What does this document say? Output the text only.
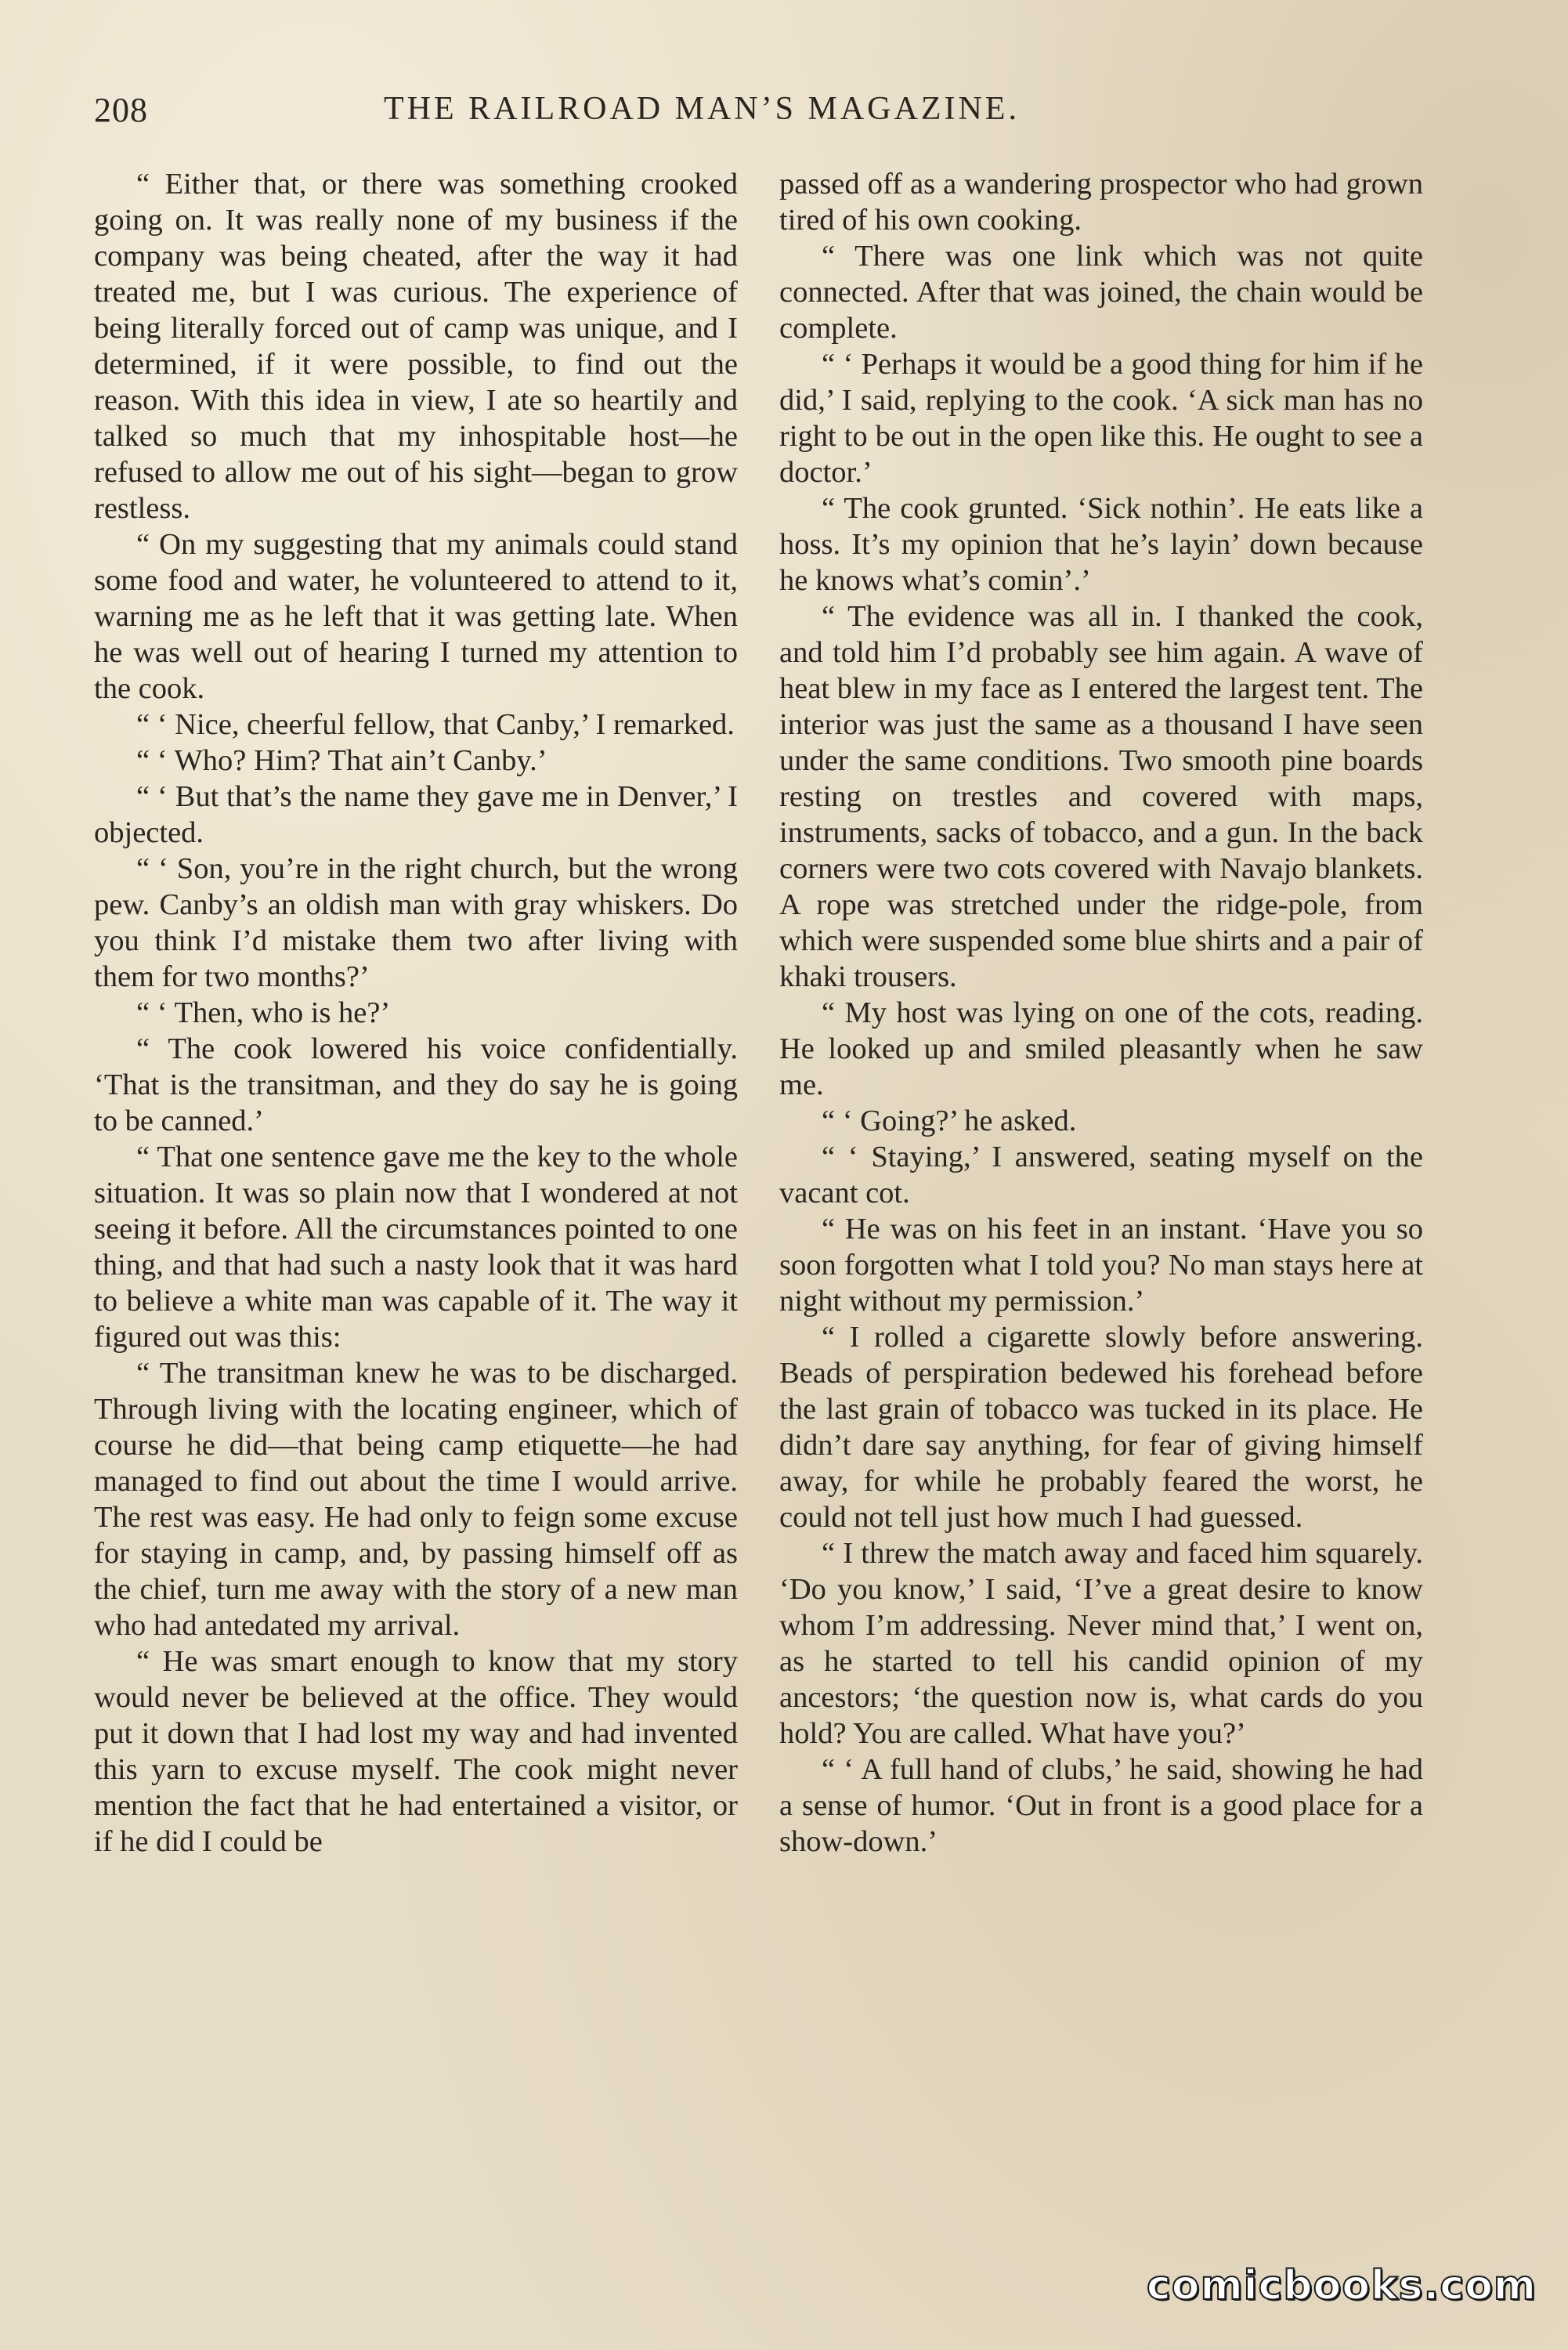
208	THE RAILROAD MAN’S MAGAZINE.

“ Either that, or there was something crooked going on. It was really none of my business if the company was being cheated, after the way it had treated me, but I was curious. The experience of being literally forced out of camp was unique, and I determined, if it were possible, to find out the reason. With this idea in view, I ate so heartily and talked so much that my inhospitable host—he refused to allow me out of his sight—began to grow restless.

“ On my suggesting that my animals could stand some food and water, he volunteered to attend to it, warning me as he left that it was getting late. When he was well out of hearing I turned my attention to the cook.

“ ‘ Nice, cheerful fellow, that Canby,’ I remarked.

“ ‘ Who? Him? That ain’t Canby.’

“ ‘ But that’s the name they gave me in Denver,’ I objected.

“ ‘ Son, you’re in the right church, but the wrong pew. Canby’s an oldish man with gray whiskers. Do you think I’d mistake them two after living with them for two months?’

“ ‘ Then, who is he?’

“ The cook lowered his voice confidentially. ‘That is the transitman, and they do say he is going to be canned.’

“ That one sentence gave me the key to the whole situation. It was so plain now that I wondered at not seeing it before. All the circumstances pointed to one thing, and that had such a nasty look that it was hard to believe a white man was capable of it. The way it figured out was this:

“ The transitman knew he was to be discharged. Through living with the locating engineer, which of course he did—that being camp etiquette—he had managed to find out about the time I would arrive. The rest was easy. He had only to feign some excuse for staying in camp, and, by passing himself off as the chief, turn me away with the story of a new man who had antedated my arrival.

“ He was smart enough to know that my story would never be believed at the office. They would put it down that I had lost my way and had invented this yarn to excuse myself. The cook might never mention the fact that he had entertained a visitor, or if he did I could be

passed off as a wandering prospector who had grown tired of his own cooking.

“ There was one link which was not quite connected. After that was joined, the chain would be complete.

“ ‘ Perhaps it would be a good thing for him if he did,’ I said, replying to the cook. ‘A sick man has no right to be out in the open like this. He ought to see a doctor.’

“ The cook grunted. ‘Sick nothin’. He eats like a hoss. It’s my opinion that he’s layin’ down because he knows what’s comin’.’

“ The evidence was all in. I thanked the cook, and told him I’d probably see him again. A wave of heat blew in my face as I entered the largest tent. The interior was just the same as a thousand I have seen under the same conditions. Two smooth pine boards resting on trestles and covered with maps, instruments, sacks of tobacco, and a gun. In the back corners were two cots covered with Navajo blankets. A rope was stretched under the ridge-pole, from which were suspended some blue shirts and a pair of khaki trousers.

“ My host was lying on one of the cots, reading. He looked up and smiled pleasantly when he saw me.

“ ‘ Going?’ he asked.

“ ‘ Staying,’ I answered, seating myself on the vacant cot.

“ He was on his feet in an instant. ‘Have you so soon forgotten what I told you? No man stays here at night without my permission.’

“ I rolled a cigarette slowly before answering. Beads of perspiration bedewed his forehead before the last grain of tobacco was tucked in its place. He didn’t dare say anything, for fear of giving himself away, for while he probably feared the worst, he could not tell just how much I had guessed.

“ I threw the match away and faced him squarely. ‘Do you know,’ I said, ‘I’ve a great desire to know whom I’m addressing. Never mind that,’ I went on, as he started to tell his candid opinion of my ancestors; ‘the question now is, what cards do you hold? You are called. What have you?’

“ ‘ A full hand of clubs,’ he said, showing he had a sense of humor. ‘Out in front is a good place for a show-down.’

comicbooks.com
